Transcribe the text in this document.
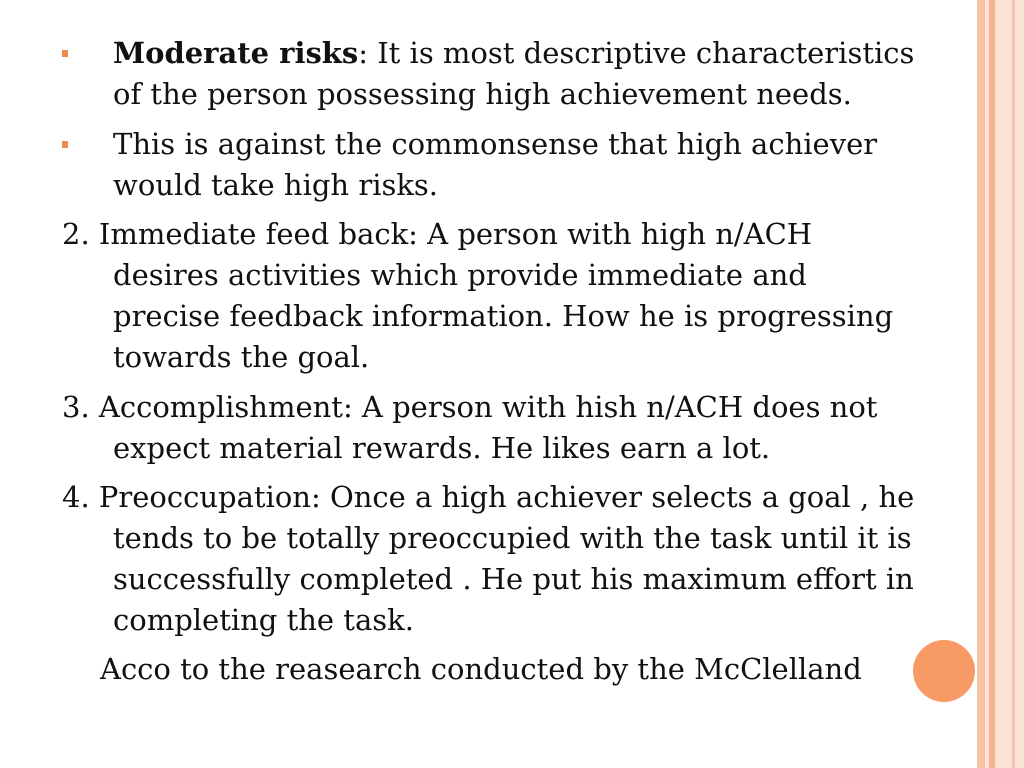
Moderate risks: It is most descriptive characteristics
of the person possessing high achievement needs.
This is against the commonsense that high achiever
would take high risks.
2. Immediate feed back: A person with high n/ACH
desires activities which provide immediate and
precise feedback information. How he is progressing
towards the goal.
3. Accomplishment: A person with hish n/ACH does not
expect material rewards. He likes earn a lot.
4. Preoccupation: Once a high achiever selects a goal , he
tends to be totally preoccupied with the task until it is
successfully completed . He put his maximum effort in
completing the task.
Acco to the reasearch conducted by the McClelland
